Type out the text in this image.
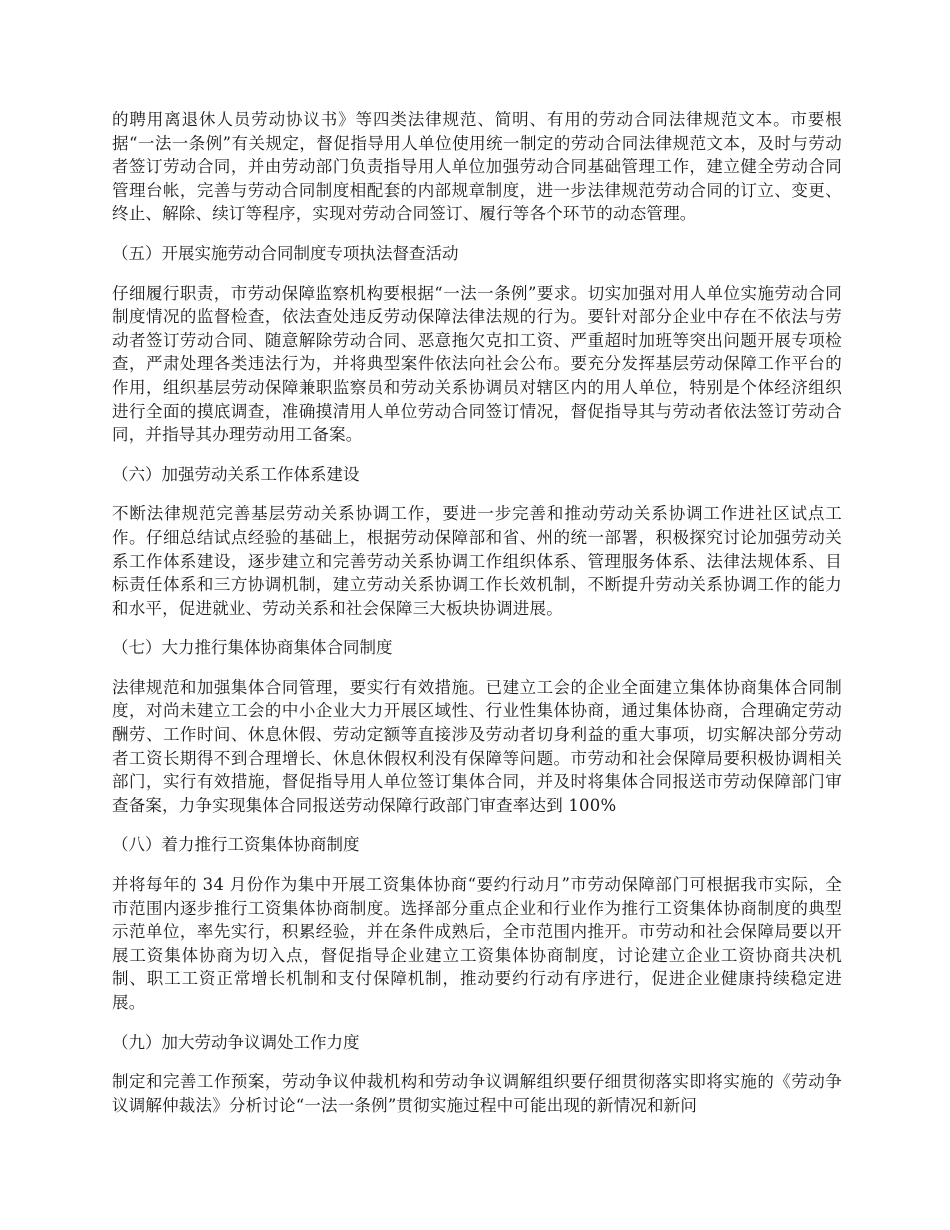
的聘用离退休人员劳动协议书》等四类法律规范、简明、有用的劳动合同法律规范文本。市要根据“一法一条例”有关规定，督促指导用人单位使用统一制定的劳动合同法律规范文本，及时与劳动者签订劳动合同，并由劳动部门负责指导用人单位加强劳动合同基础管理工作，建立健全劳动合同管理台帐，完善与劳动合同制度相配套的内部规章制度，进一步法律规范劳动合同的订立、变更、终止、解除、续订等程序，实现对劳动合同签订、履行等各个环节的动态管理。

（五）开展实施劳动合同制度专项执法督查活动

仔细履行职责，市劳动保障监察机构要根据“一法一条例”要求。切实加强对用人单位实施劳动合同制度情况的监督检查，依法查处违反劳动保障法律法规的行为。要针对部分企业中存在不依法与劳动者签订劳动合同、随意解除劳动合同、恶意拖欠克扣工资、严重超时加班等突出问题开展专项检查，严肃处理各类违法行为，并将典型案件依法向社会公布。要充分发挥基层劳动保障工作平台的作用，组织基层劳动保障兼职监察员和劳动关系协调员对辖区内的用人单位，特别是个体经济组织进行全面的摸底调查，准确摸清用人单位劳动合同签订情况，督促指导其与劳动者依法签订劳动合同，并指导其办理劳动用工备案。

（六）加强劳动关系工作体系建设

不断法律规范完善基层劳动关系协调工作，要进一步完善和推动劳动关系协调工作进社区试点工作。仔细总结试点经验的基础上，根据劳动保障部和省、州的统一部署，积极探究讨论加强劳动关系工作体系建设，逐步建立和完善劳动关系协调工作组织体系、管理服务体系、法律法规体系、目标责任体系和三方协调机制，建立劳动关系协调工作长效机制，不断提升劳动关系协调工作的能力和水平，促进就业、劳动关系和社会保障三大板块协调进展。

（七）大力推行集体协商集体合同制度

法律规范和加强集体合同管理，要实行有效措施。已建立工会的企业全面建立集体协商集体合同制度，对尚未建立工会的中小企业大力开展区域性、行业性集体协商，通过集体协商，合理确定劳动酬劳、工作时间、休息休假、劳动定额等直接涉及劳动者切身利益的重大事项，切实解决部分劳动者工资长期得不到合理增长、休息休假权利没有保障等问题。市劳动和社会保障局要积极协调相关部门，实行有效措施，督促指导用人单位签订集体合同，并及时将集体合同报送市劳动保障部门审查备案，力争实现集体合同报送劳动保障行政部门审查率达到 100%

（八）着力推行工资集体协商制度

并将每年的 34 月份作为集中开展工资集体协商“要约行动月”市劳动保障部门可根据我市实际，全市范围内逐步推行工资集体协商制度。选择部分重点企业和行业作为推行工资集体协商制度的典型示范单位，率先实行，积累经验，并在条件成熟后，全市范围内推开。市劳动和社会保障局要以开展工资集体协商为切入点，督促指导企业建立工资集体协商制度，讨论建立企业工资协商共决机制、职工工资正常增长机制和支付保障机制，推动要约行动有序进行，促进企业健康持续稳定进展。

（九）加大劳动争议调处工作力度

制定和完善工作预案，劳动争议仲裁机构和劳动争议调解组织要仔细贯彻落实即将实施的《劳动争议调解仲裁法》分析讨论“一法一条例”贯彻实施过程中可能出现的新情况和新问
